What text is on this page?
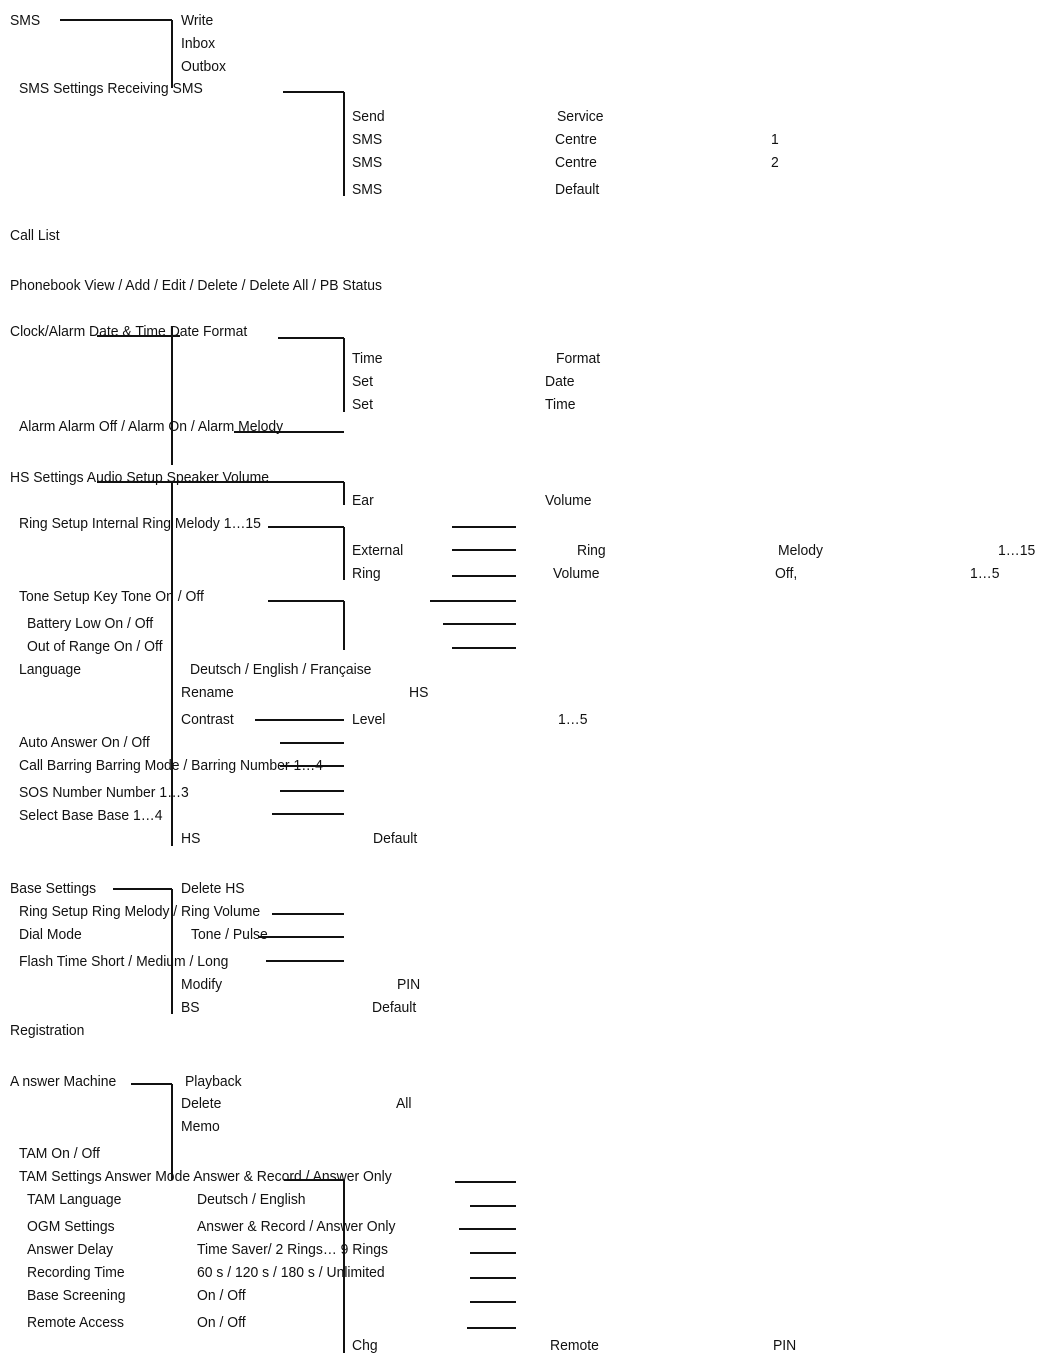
SMS	Write
Inbox
Outbox
SMS Settings Receiving SMS
Send	Service
SMS	Centre	1
SMS	Centre	2
SMS	Default
Call List
Phonebook View / Add / Edit / Delete / Delete All / PB Status
Clock/Alarm Date & Time Date Format
Time	Format
Set	Date
Set	Time
Alarm Alarm Off / Alarm On / Alarm Melody
HS Settings Audio Setup Speaker Volume
Ear	Volume
Ring Setup Internal Ring Melody 1…15
External	Ring	Melody	1…15
Ring	Volume	Off,	1…5
Tone Setup Key Tone On / Off
Battery Low On / Off
Out of Range On / Off
Language	Deutsch / English / Française
Rename	HS
Contrast	Level	1…5
Auto Answer On / Off
Call Barring Barring Mode / Barring Number 1…4
SOS Number Number 1…3
Select Base Base 1…4
HS	Default
Base Settings	Delete HS
Ring Setup Ring Melody / Ring Volume
Dial Mode	Tone / Pulse
Flash Time Short / Medium / Long
Modify	PIN
BS	Default
Registration
A nswer Machine	Playback
Delete	All
Memo
TAM On / Off
TAM Settings Answer Mode Answer & Record / Answer Only
TAM Language	Deutsch / English
OGM Settings	Answer & Record / Answer Only
Answer Delay	Time Saver/ 2 Rings… 9 Rings
Recording Time	60 s / 120 s / 180 s / Unlimited
Base Screening	On / Off
Remote Access	On / Off
Chg	Remote	PIN
